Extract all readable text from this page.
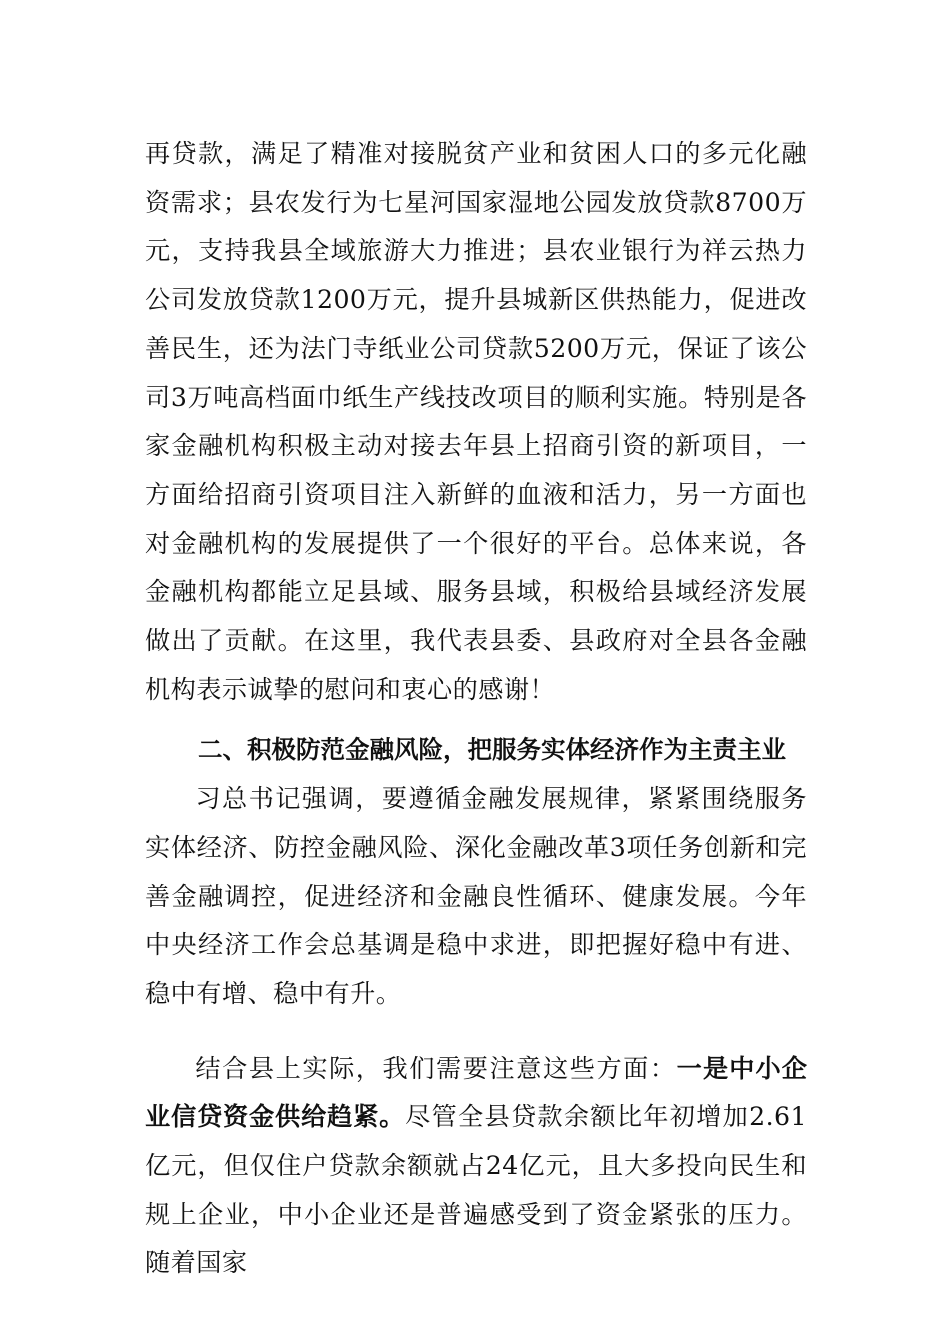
再贷款，满足了精准对接脱贫产业和贫困人口的多元化融资需求；县农发行为七星河国家湿地公园发放贷款8700万元，支持我县全域旅游大力推进；县农业银行为祥云热力公司发放贷款1200万元，提升县城新区供热能力，促进改善民生，还为法门寺纸业公司贷款5200万元，保证了该公司3万吨高档面巾纸生产线技改项目的顺利实施。特别是各家金融机构积极主动对接去年县上招商引资的新项目，一方面给招商引资项目注入新鲜的血液和活力，另一方面也对金融机构的发展提供了一个很好的平台。总体来说，各金融机构都能立足县域、服务县域，积极给县域经济发展做出了贡献。在这里，我代表县委、县政府对全县各金融机构表示诚挚的慰问和衷心的感谢！

二、积极防范金融风险，把服务实体经济作为主责主业

习总书记强调，要遵循金融发展规律，紧紧围绕服务实体经济、防控金融风险、深化金融改革3项任务创新和完善金融调控，促进经济和金融良性循环、健康发展。今年中央经济工作会总基调是稳中求进，即把握好稳中有进、稳中有增、稳中有升。

结合县上实际，我们需要注意这些方面：一是中小企业信贷资金供给趋紧。尽管全县贷款余额比年初增加2.61亿元，但仅住户贷款余额就占24亿元，且大多投向民生和规上企业，中小企业还是普遍感受到了资金紧张的压力。随着国家
